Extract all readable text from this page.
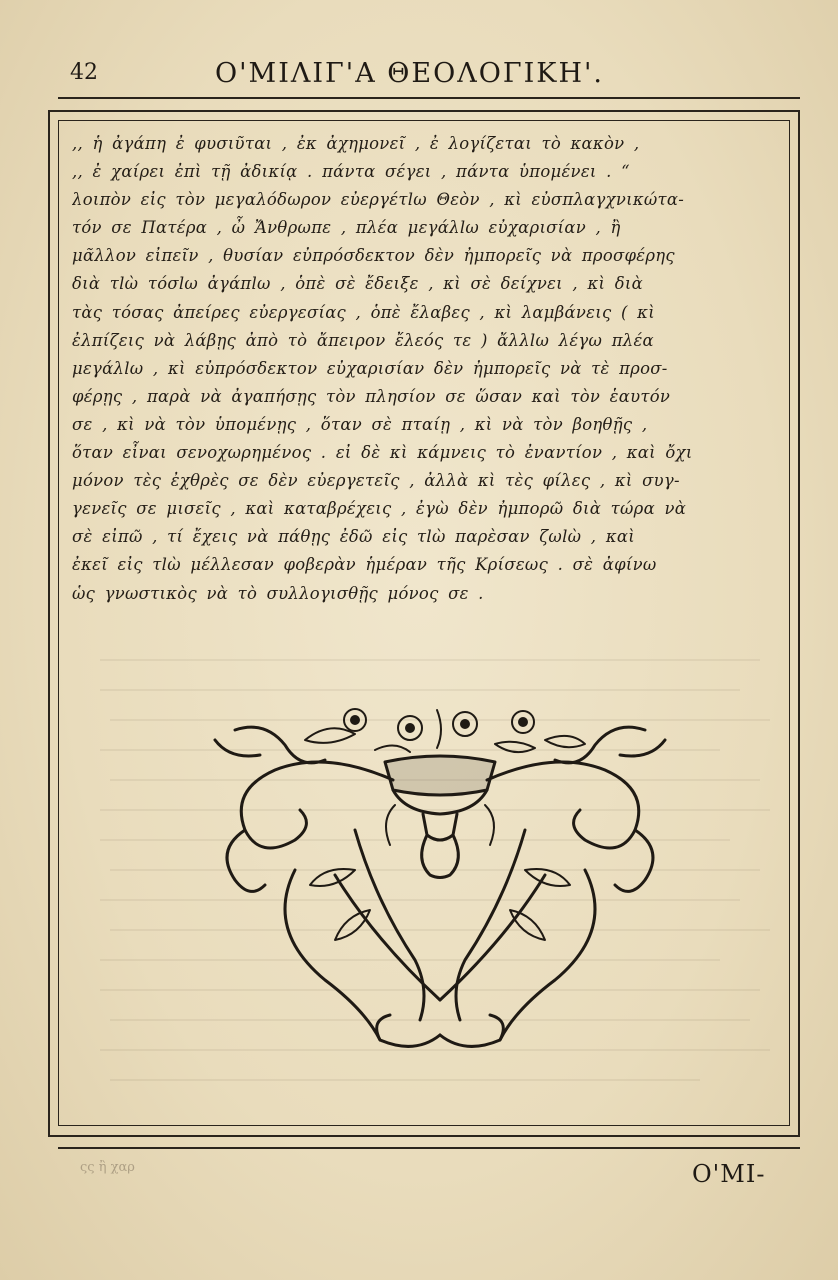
42	Ο'ΜΙΛΙΓ'Α ΘΕΟΛΟΓΙΚΗ'.
,, ἡ ἀγάπη ἐ φυσιῦται , ἐκ ἀχημονεῖ , ἐ λογίζεται τὸ κακὸν ,
,, ἐ χαίρει ἐπὶ τῇ ἀδικίᾳ . πάντα σέγει , πάντα ὑπομένει . “
λοιπὸν εἰς τὸν μεγαλόδωρον εὐεργέτlω Θεὸν , κὶ εὐσπλαγχνικώτα-
τόν σε Πατέρα , ὦ Ἄνθρωπε , πλέα μεγάλlω εὐχαρισίαν , ἢ
μᾶλλον εἰπεῖν , θυσίαν εὐπρόσδεκτον δὲν ἠμπορεῖς νὰ προσφέρης
διὰ τlὼ τόσlω ἀγάπlω , ὁπὲ σὲ ἔδειξε , κὶ σὲ δείχνει , κὶ διὰ
τὰς τόσας ἀπείρες εὐεργεσίας , ὁπὲ ἔλαβες , κὶ λαμβάνεις ( κὶ
ἐλπίζεις νὰ λάβῃς ἀπὸ τὸ ἄπειρον ἔλεός τε ) ἄλλlω λέγω πλέα
μεγάλlω , κὶ εὐπρόσδεκτον εὐχαρισίαν δὲν ἠμπορεῖς νὰ τὲ προσ-
φέρῃς , παρὰ νὰ ἀγαπήσῃς τὸν πλησίον σε ὥσαν καὶ τὸν ἑαυτόν
σε , κὶ νὰ τὸν ὑπομένῃς , ὅταν σὲ πταίῃ , κὶ νὰ τὸν βοηθῇς ,
ὅταν εἶναι σενοχωρημένος . εἰ δὲ κὶ κάμνεις τὸ ἐναντίον , καὶ ὄχι
μόνον τὲς ἐχθρὲς σε δὲν εὐεργετεῖς , ἀλλὰ κὶ τὲς φίλες , κὶ συγ-
γενεῖς σε μισεῖς , καὶ καταβρέχεις , ἐγὼ δὲν ἠμπορῶ διὰ τώρα νὰ
σὲ εἰπῶ , τί ἔχεις νὰ πάθῃς ἐδῶ εἰς τlὼ παρὲσαν ζωlὼ , καὶ
ἐκεῖ εἰς τlὼ μέλλεσαν φοβερὰν ἡμέραν τῆς Κρίσεως . σὲ ἀφίνω
ὡς γνωστικὸς νὰ τὸ συλλογισθῇς μόνος σε .
ςς ἢ χαρ	Ο'ΜΙ-
